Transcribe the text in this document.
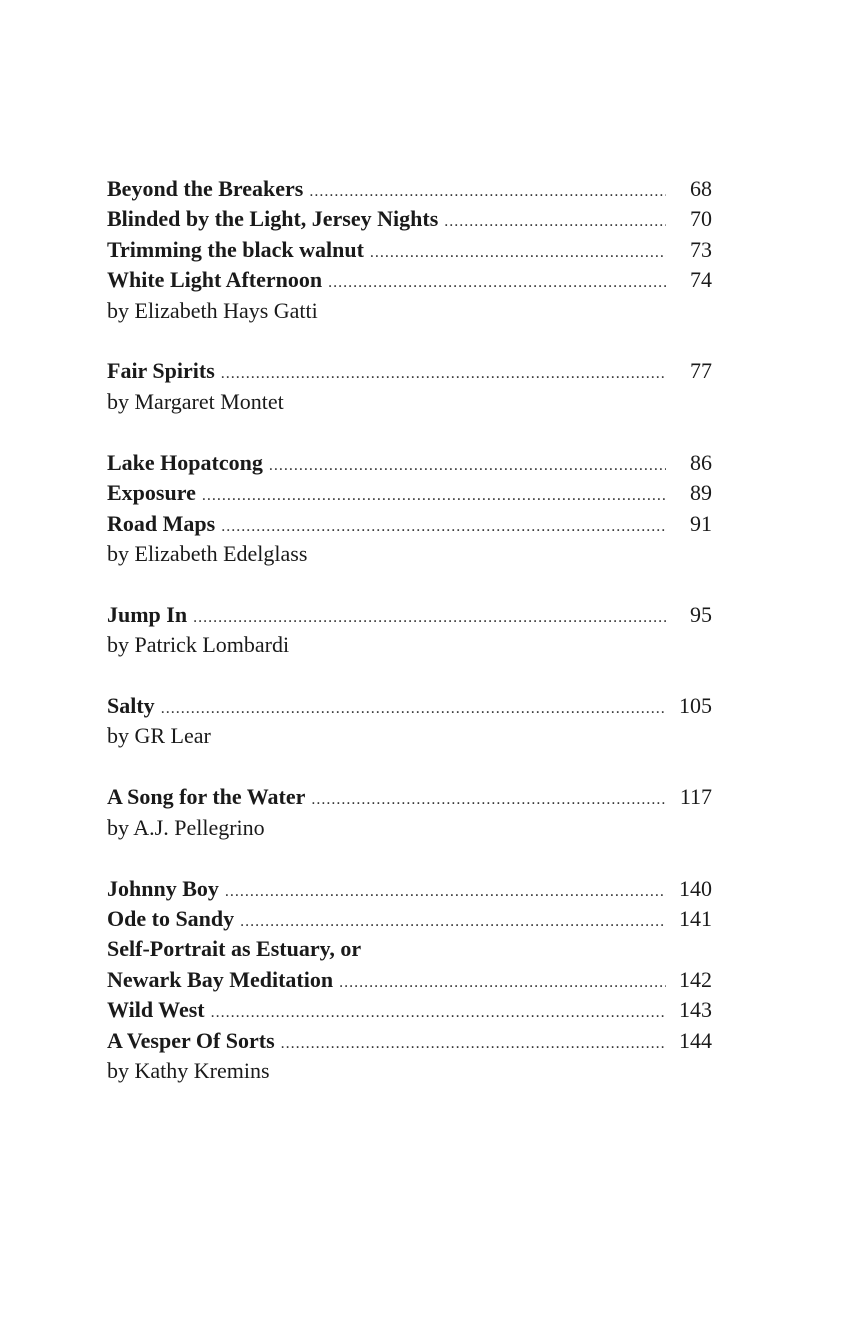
Beyond the Breakers .....	68
Blinded by the Light, Jersey Nights .....	70
Trimming the black walnut .....	73
White Light Afternoon .....	74
by Elizabeth Hays Gatti
Fair Spirits .....	77
by Margaret Montet
Lake Hopatcong .....	86
Exposure .....	89
Road Maps .....	91
by Elizabeth Edelglass
Jump In .....	95
by Patrick Lombardi
Salty .....	105
by GR Lear
A Song for the Water .....	117
by A.J. Pellegrino
Johnny Boy .....	140
Ode to Sandy .....	141
Self-Portrait as Estuary, or
Newark Bay Meditation .....	142
Wild West .....	143
A Vesper Of Sorts .....	144
by Kathy Kremins
